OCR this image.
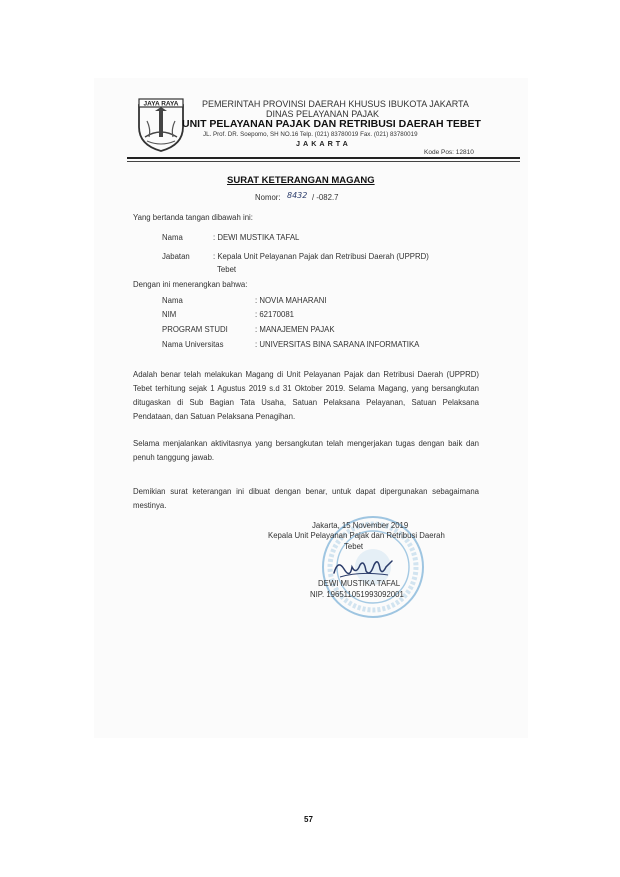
JAYA RAYA	PEMERINTAH PROVINSI DAERAH KHUSUS IBUKOTA JAKARTA
DINAS PELAYANAN PAJAK
UNIT PELAYANAN PAJAK DAN RETRIBUSI DAERAH TEBET
JL. Prof. DR. Soepomo, SH NO.16 Telp. (021) 83780019 Fax. (021) 83780019
JAKARTA
Kode Pos: 12810
SURAT KETERANGAN MAGANG
Nomor: 8432 / -082.7
Yang bertanda tangan dibawah ini:
Nama	: DEWI MUSTIKA TAFAL
Jabatan	: Kepala Unit Pelayanan Pajak dan Retribusi Daerah (UPPRD)
Tebet
Dengan ini menerangkan bahwa:
Nama	: NOVIA MAHARANI
NIM	: 62170081
PROGRAM STUDI	: MANAJEMEN PAJAK
Nama Universitas	: UNIVERSITAS BINA SARANA INFORMATIKA
Adalah benar telah melakukan Magang di Unit Pelayanan Pajak dan Retribusi Daerah (UPPRD) Tebet terhitung sejak 1 Agustus 2019 s.d 31 Oktober 2019. Selama Magang, yang bersangkutan ditugaskan di Sub Bagian Tata Usaha, Satuan Pelaksana Pelayanan, Satuan Pelaksana Pendataan, dan Satuan Pelaksana Penagihan.
Selama menjalankan aktivitasnya yang bersangkutan telah mengerjakan tugas dengan baik dan penuh tanggung jawab.
Demikian surat keterangan ini dibuat dengan benar, untuk dapat dipergunakan sebagaimana mestinya.
Jakarta, 15 November 2019
Kepala Unit Pelayanan Pajak dan Retribusi Daerah
Tebet
DEWI MUSTIKA TAFAL
NIP. 196511051993092001
57
